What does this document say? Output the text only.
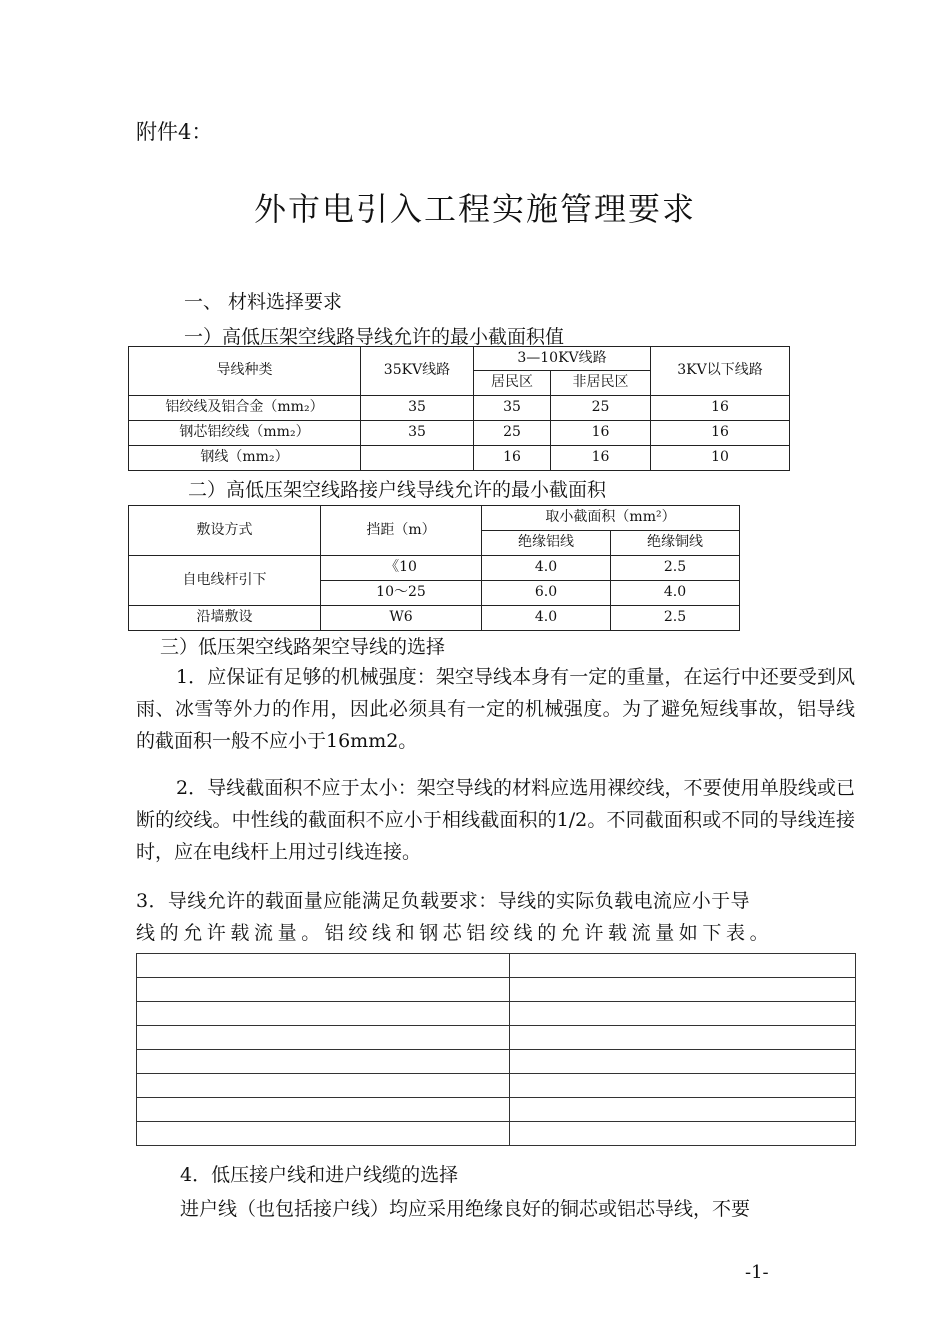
附件4：
外市电引入工程实施管理要求
一、 材料选择要求
一）高低压架空线路导线允许的最小截面积值
导线种类	35KV线路	3—10KV线路		3KV以下线路
		居民区	非居民区	
铝绞线及铝合金（mm₂）	35	35	25	16
钢芯铝绞线（mm₂）	35	25	16	16
钢线（mm₂）		16	16	10
二）高低压架空线路接户线导线允许的最小截面积
敷设方式	挡距（m）	取小截面积（mm²）	
		绝缘铝线	绝缘铜线
自电线杆引下	《10	4.0	2.5
	10～25	6.0	4.0
沿墙敷设	W6	4.0	2.5
三）低压架空线路架空导线的选择
1．应保证有足够的机械强度：架空导线本身有一定的重量，在运行中还要受到风雨、冰雪等外力的作用，因此必须具有一定的机械强度。为了避免短线事故，铝导线的截面积一般不应小于16mm2。
2．导线截面积不应于太小：架空导线的材料应选用裸绞线，不要使用单股线或已断的绞线。中性线的截面积不应小于相线截面积的1/2。不同截面积或不同的导线连接时，应在电线杆上用过引线连接。

3．导线允许的载面量应能满足负载要求：导线的实际负载电流应小于导

线的允许载流量。铝绞线和钢芯铝绞线的允许载流量如下表。

4．低压接户线和进户线缆的选择
进户线（也包括接户线）均应采用绝缘良好的铜芯或铝芯导线，不要
-1-
